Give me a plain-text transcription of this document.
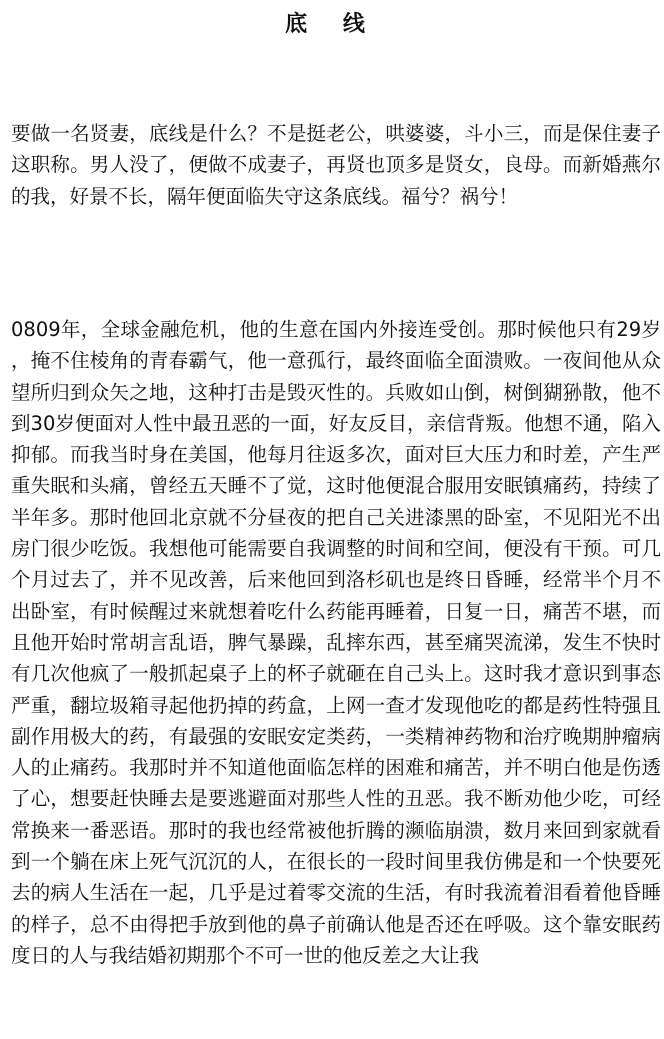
底 线

要做一名贤妻，底线是什么？不是挺老公，哄婆婆，斗小三，而是保住妻子这职称。男人没了，便做不成妻子，再贤也顶多是贤女，良母。而新婚燕尔的我，好景不长，隔年便面临失守这条底线。福兮？祸兮！

0809年，全球金融危机，他的生意在国内外接连受创。那时候他只有29岁，掩不住棱角的青春霸气，他一意孤行，最终面临全面溃败。一夜间他从众望所归到众矢之地，这种打击是毁灭性的。兵败如山倒，树倒猢狲散，他不到30岁便面对人性中最丑恶的一面，好友反目，亲信背叛。他想不通，陷入抑郁。而我当时身在美国，他每月往返多次，面对巨大压力和时差，产生严重失眠和头痛，曾经五天睡不了觉，这时他便混合服用安眠镇痛药，持续了半年多。那时他回北京就不分昼夜的把自己关进漆黑的卧室，不见阳光不出房门很少吃饭。我想他可能需要自我调整的时间和空间，便没有干预。可几个月过去了，并不见改善，后来他回到洛杉矶也是终日昏睡，经常半个月不出卧室，有时候醒过来就想着吃什么药能再睡着，日复一日，痛苦不堪，而且他开始时常胡言乱语，脾气暴躁，乱摔东西，甚至痛哭流涕，发生不快时有几次他疯了一般抓起桌子上的杯子就砸在自己头上。这时我才意识到事态严重，翻垃圾箱寻起他扔掉的药盒，上网一查才发现他吃的都是药性特强且副作用极大的药，有最强的安眠安定类药，一类精神药物和治疗晚期肿瘤病人的止痛药。我那时并不知道他面临怎样的困难和痛苦，并不明白他是伤透了心，想要赶快睡去是要逃避面对那些人性的丑恶。我不断劝他少吃，可经常换来一番恶语。那时的我也经常被他折腾的濒临崩溃，数月来回到家就看到一个躺在床上死气沉沉的人，在很长的一段时间里我仿佛是和一个快要死去的病人生活在一起，几乎是过着零交流的生活，有时我流着泪看着他昏睡的样子，总不由得把手放到他的鼻子前确认他是否还在呼吸。这个靠安眠药度日的人与我结婚初期那个不可一世的他反差之大让我
